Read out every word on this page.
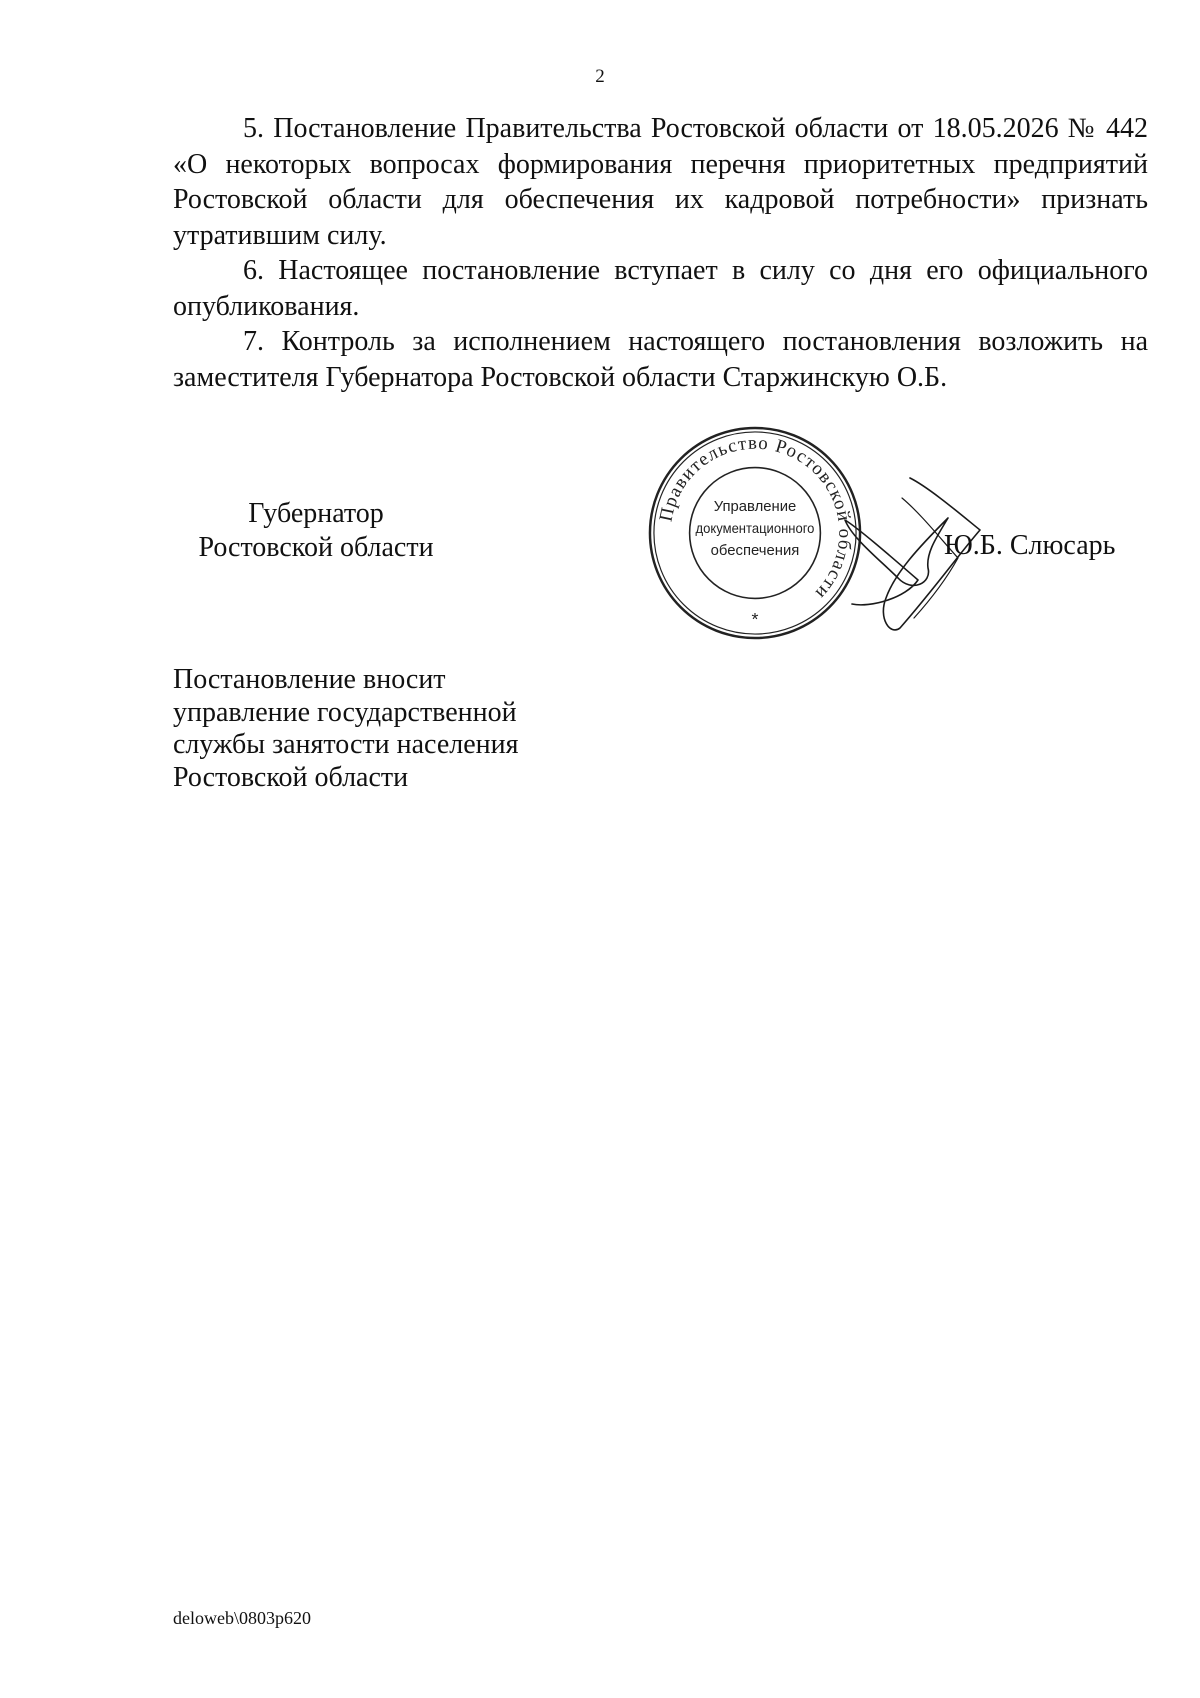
2

5. Постановление Правительства Ростовской области от 18.05.2026 № 442 «О некоторых вопросах формирования перечня приоритетных предприятий Ростовской области для обеспечения их кадровой потребности» признать утратившим силу.

6. Настоящее постановление вступает в силу со дня его официального опубликования.

7. Контроль за исполнением настоящего постановления возложить на заместителя Губернатора Ростовской области Старжинскую О.Б.

Губернатор
Ростовской области
Правительство Ростовской области
Управление
документационного
обеспечения
*
Ю.Б. Слюсарь
Постановление вносит
управление государственной
службы занятости населения
Ростовской области
deloweb\0803p620
